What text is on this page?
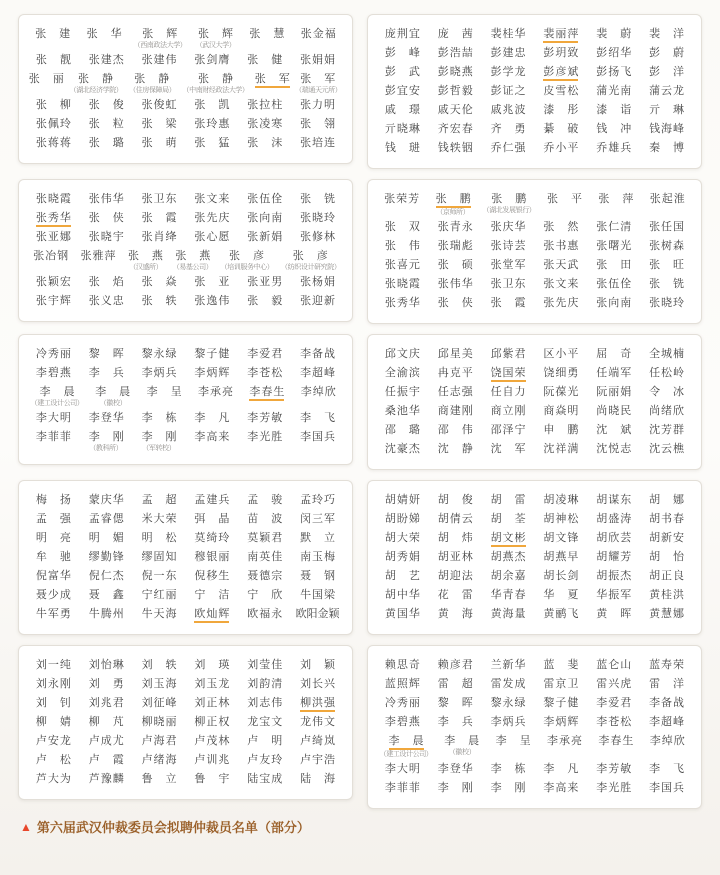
张建 张华 张辉
（西南政法大学）
张辉
（武汉大学）
张慧 张金福
张靓 张建杰 张建伟 张剑膺 张健 张娟娟
张丽 张静
（湖北经济学院）
张静
（住房保障局）
张静
（中南财经政法大学）
张军 张军
（瑞通天元所）
张柳 张俊 张俊虹 张凯 张拉柱 张力明
张佩玲 张粒 张梁 张玲惠 张凌寒 张翎
张蒋蒋 张璐 张萌 张猛 张沫 张培连
庞荆宜 庞茜 裴桂华 裴丽萍 裴蔚 裴洋
彭峰 彭浩喆 彭建忠 彭玥致 彭绍华 彭蔚
彭武 彭晓燕 彭学龙 彭彦斌 彭扬飞 彭洋
彭宜安 彭哲毅 彭证之 皮雪松 蒲光南 蒲云龙
戚璟 戚天伦 戚兆波 漆彤 漆诣 亓琳
亓晓琳 齐宏春 齐勇 綦破 钱冲 钱海峰
钱琎 钱轶铟 乔仁强 乔小平 乔雄兵 秦博
张晓霞 张伟华 张卫东 张文来 张伍佺 张铣
张秀华 张侠 张霞 张先庆 张向南 张晓玲
张亚娜 张晓宇 张肖绛 张心愿 张新娟 张修林
张冶钢 张雅萍 张燕
（汉盛所）
张燕
（易基公司）
张彦
（培训服务中心）
张彦
（纺织设计研究院）
张颖宏 张焰 张焱 张亚 张亚男 张杨娟
张宇辉 张义忠 张轶 张逸伟 张毅 张迎新
张荣芳 张鹏
（京师所）
张鹏
（湖北发展银行）
张平 张萍 张起淮
张双 张青永 张庆华 张然 张仁清 张任国
张伟 张瑞彪 张诗芸 张书惠 张曙光 张树森
张喜元 张硕 张堂军 张天武 张田 张旺
张晓霞 张伟华 张卫东 张文来 张伍佺 张铣
张秀华 张侠 张霞 张先庆 张向南 张晓玲
冷秀丽 黎晖 黎永绿 黎子健 李爱君 李备战
李碧燕 李兵 李炳兵 李炳辉 李苍松 李超峰
李晨
（建工设计公司）
李晨
（徽校）
李呈 李承亮 李春生 李绰欣
李大明 李登华 李栋 李凡 李芳敏 李飞
李菲菲 李刚
（教科所）
李刚
（军转校）
李高来 李光胜 李国兵
邱文庆 邱星美 邱紫君 区小平 屈奇 全城楠
全渝滨 冉克平 饶国荣 饶细勇 任端军 任松岭
任振宇 任志强 任自力 阮葆光 阮丽娟 令冰
桑池华 商建刚 商立刚 商焱明 尚晓民 尚绪欣
邵璐 邵伟 邵泽宁 申鹏 沈斌 沈芳群
沈豪杰 沈静 沈军 沈祥满 沈悦志 沈云樵
梅扬 蒙庆华 孟超 孟建兵 孟骏 孟玲巧
孟强 孟睿偲 米大荣 弭晶 苗波 闵三军
明亮 明媚 明松 莫绮玲 莫颖君 默立
牟驰 缪勤锋 缪固知 穆银丽 南英佳 南玉梅
倪富华 倪仁杰 倪一东 倪移生 聂德宗 聂钢
聂少成 聂鑫 宁红丽 宁洁 宁欣 牛国梁
牛军勇 牛腾州 牛天海 欧灿辉 欧福永 欧阳金颖
胡婧妍 胡俊 胡雷 胡凌琳 胡谋东 胡娜
胡盼娣 胡倩云 胡荃 胡神松 胡盛涛 胡书春
胡大荣 胡炜 胡文彬 胡文锋 胡欣芸 胡新安
胡秀娟 胡亚林 胡燕杰 胡燕早 胡耀芳 胡怡
胡艺 胡迎法 胡余嘉 胡长剑 胡振杰 胡正良
胡中华 花雷 华青春 华夏 华振军 黄桂洪
黄国华 黄海 黄海量 黄鹂飞 黄晖 黄慧娜
刘一纯 刘怡琳 刘轶 刘瑛 刘莹佳 刘颖
刘永刚 刘勇 刘玉海 刘玉龙 刘韵清 刘长兴
刘钊 刘兆君 刘征峰 刘正林 刘志伟 柳洪强
柳婧 柳芃 柳晓丽 柳正权 龙宝文 龙伟文
卢安龙 卢成尤 卢海君 卢茂林 卢明 卢绮岚
卢松 卢霞 卢绪海 卢训兆 卢友玲 卢宇浩
芦大为 芦豫麟 鲁立 鲁宇 陆宝成 陆海
赖思奇 赖彦君 兰新华 蓝斐 蓝仑山 蓝寿荣
蓝照辉 雷超 雷发成 雷京卫 雷兴虎 雷洋
冷秀丽 黎晖 黎永绿 黎子健 李爱君 李备战
李碧燕 李兵 李炳兵 李炳辉 李苍松 李超峰
李晨
（建工设计公司）
李晨
（徽校）
李呈 李承亮 李春生 李绰欣
李大明 李登华 李栋 李凡 李芳敏 李飞
李菲菲 李刚 李刚 李高来 李光胜 李国兵
▲ 第六届武汉仲裁委员会拟聘仲裁员名单（部分）
